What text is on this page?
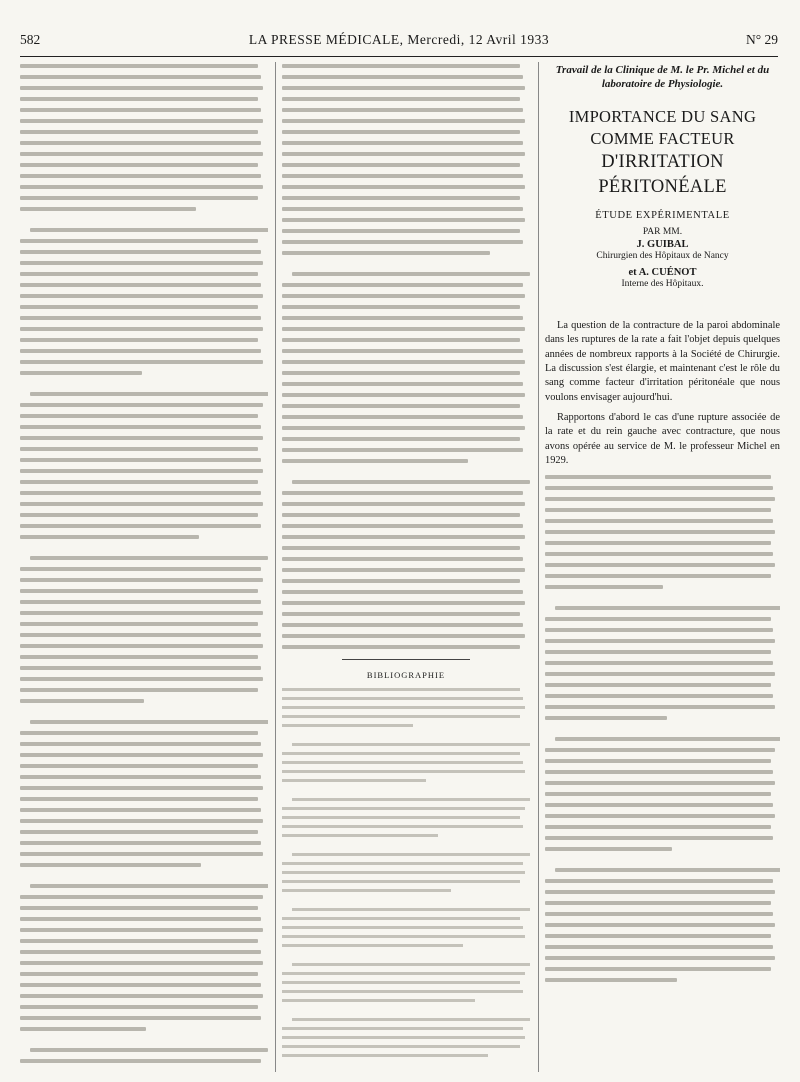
582	LA PRESSE MÉDICALE, Mercredi, 12 Avril 1933	N° 29
BIBLIOGRAPHIE

Travail de la Clinique de M. le Pr. Michel et du laboratoire de Physiologie.

IMPORTANCE DU SANG

COMME FACTEUR

D'IRRITATION PÉRITONÉALE

ÉTUDE EXPÉRIMENTALE

PAR MM.

J. GUIBAL

Chirurgien des Hôpitaux de Nancy

et A. CUÉNOT

Interne des Hôpitaux.

La question de la contracture de la paroi abdominale dans les ruptures de la rate a fait l'objet depuis quelques années de nombreux rapports à la Société de Chirurgie. La discussion s'est élargie, et maintenant c'est le rôle du sang comme facteur d'irritation péritonéale que nous voulons envisager aujourd'hui.

Rapportons d'abord le cas d'une rupture associée de la rate et du rein gauche avec contracture, que nous avons opérée au service de M. le professeur Michel en 1929.
